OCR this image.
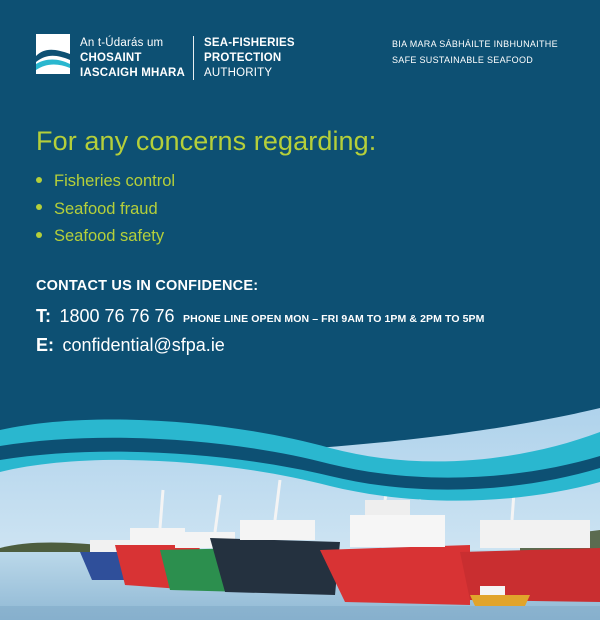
An t-Údarás um
CHOSAINT
IASCAIGH MHARA
SEA-FISHERIES
PROTECTION
AUTHORITY
BIA MARA SÁBHÁILTE INBHUNAITHE
SAFE SUSTAINABLE SEAFOOD
For any concerns regarding:
Fisheries control
Seafood fraud
Seafood safety
CONTACT US IN CONFIDENCE:
T: 1800 76 76 76 PHONE LINE OPEN MON – FRI 9AM TO 1PM & 2PM TO 5PM
E: confidential@sfpa.ie
